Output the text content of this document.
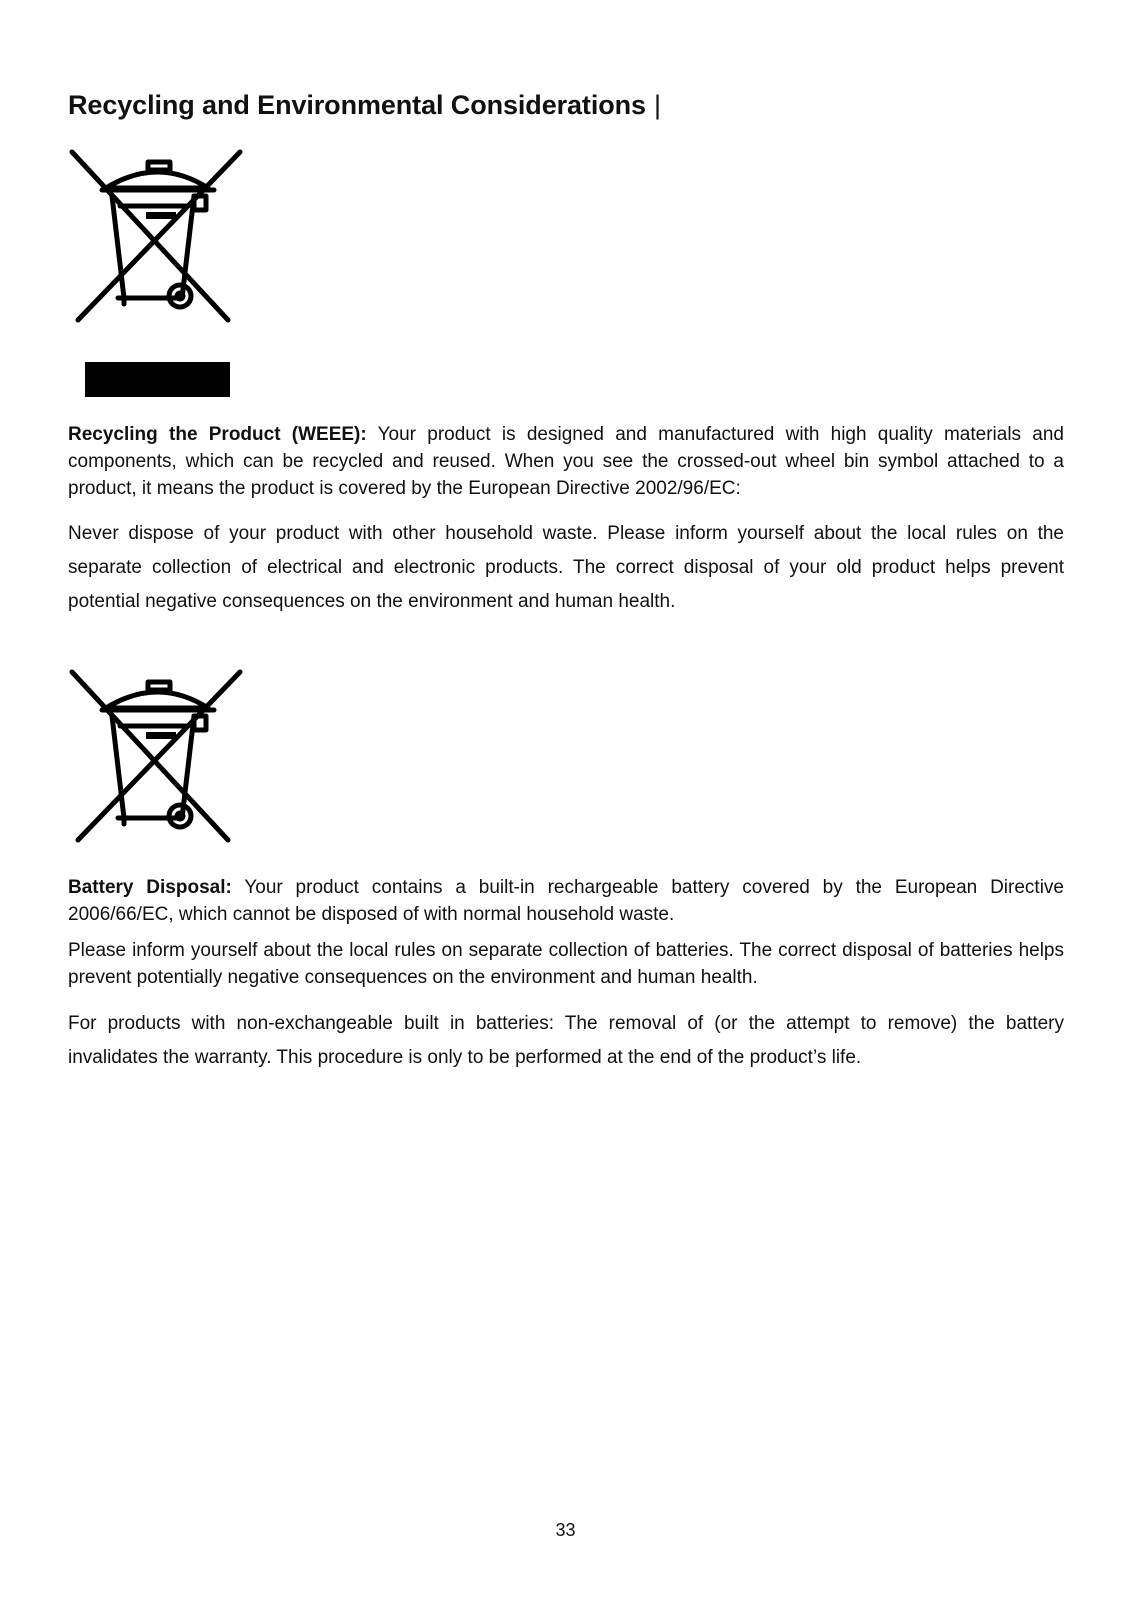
Recycling and Environmental Considerations |

Recycling the Product (WEEE): Your product is designed and manufactured with high quality materials and components, which can be recycled and reused. When you see the crossed-out wheel bin symbol attached to a product, it means the product is covered by the European Directive 2002/96/EC:

Never dispose of your product with other household waste. Please inform yourself about the local rules on the separate collection of electrical and electronic products. The correct disposal of your old product helps prevent potential negative consequences on the environment and human health.

Battery Disposal: Your product contains a built-in rechargeable battery covered by the European Directive 2006/66/EC, which cannot be disposed of with normal household waste.

Please inform yourself about the local rules on separate collection of batteries. The correct disposal of batteries helps prevent potentially negative consequences on the environment and human health.

For products with non-exchangeable built in batteries: The removal of (or the attempt to remove) the battery invalidates the warranty. This procedure is only to be performed at the end of the product’s life.

33
